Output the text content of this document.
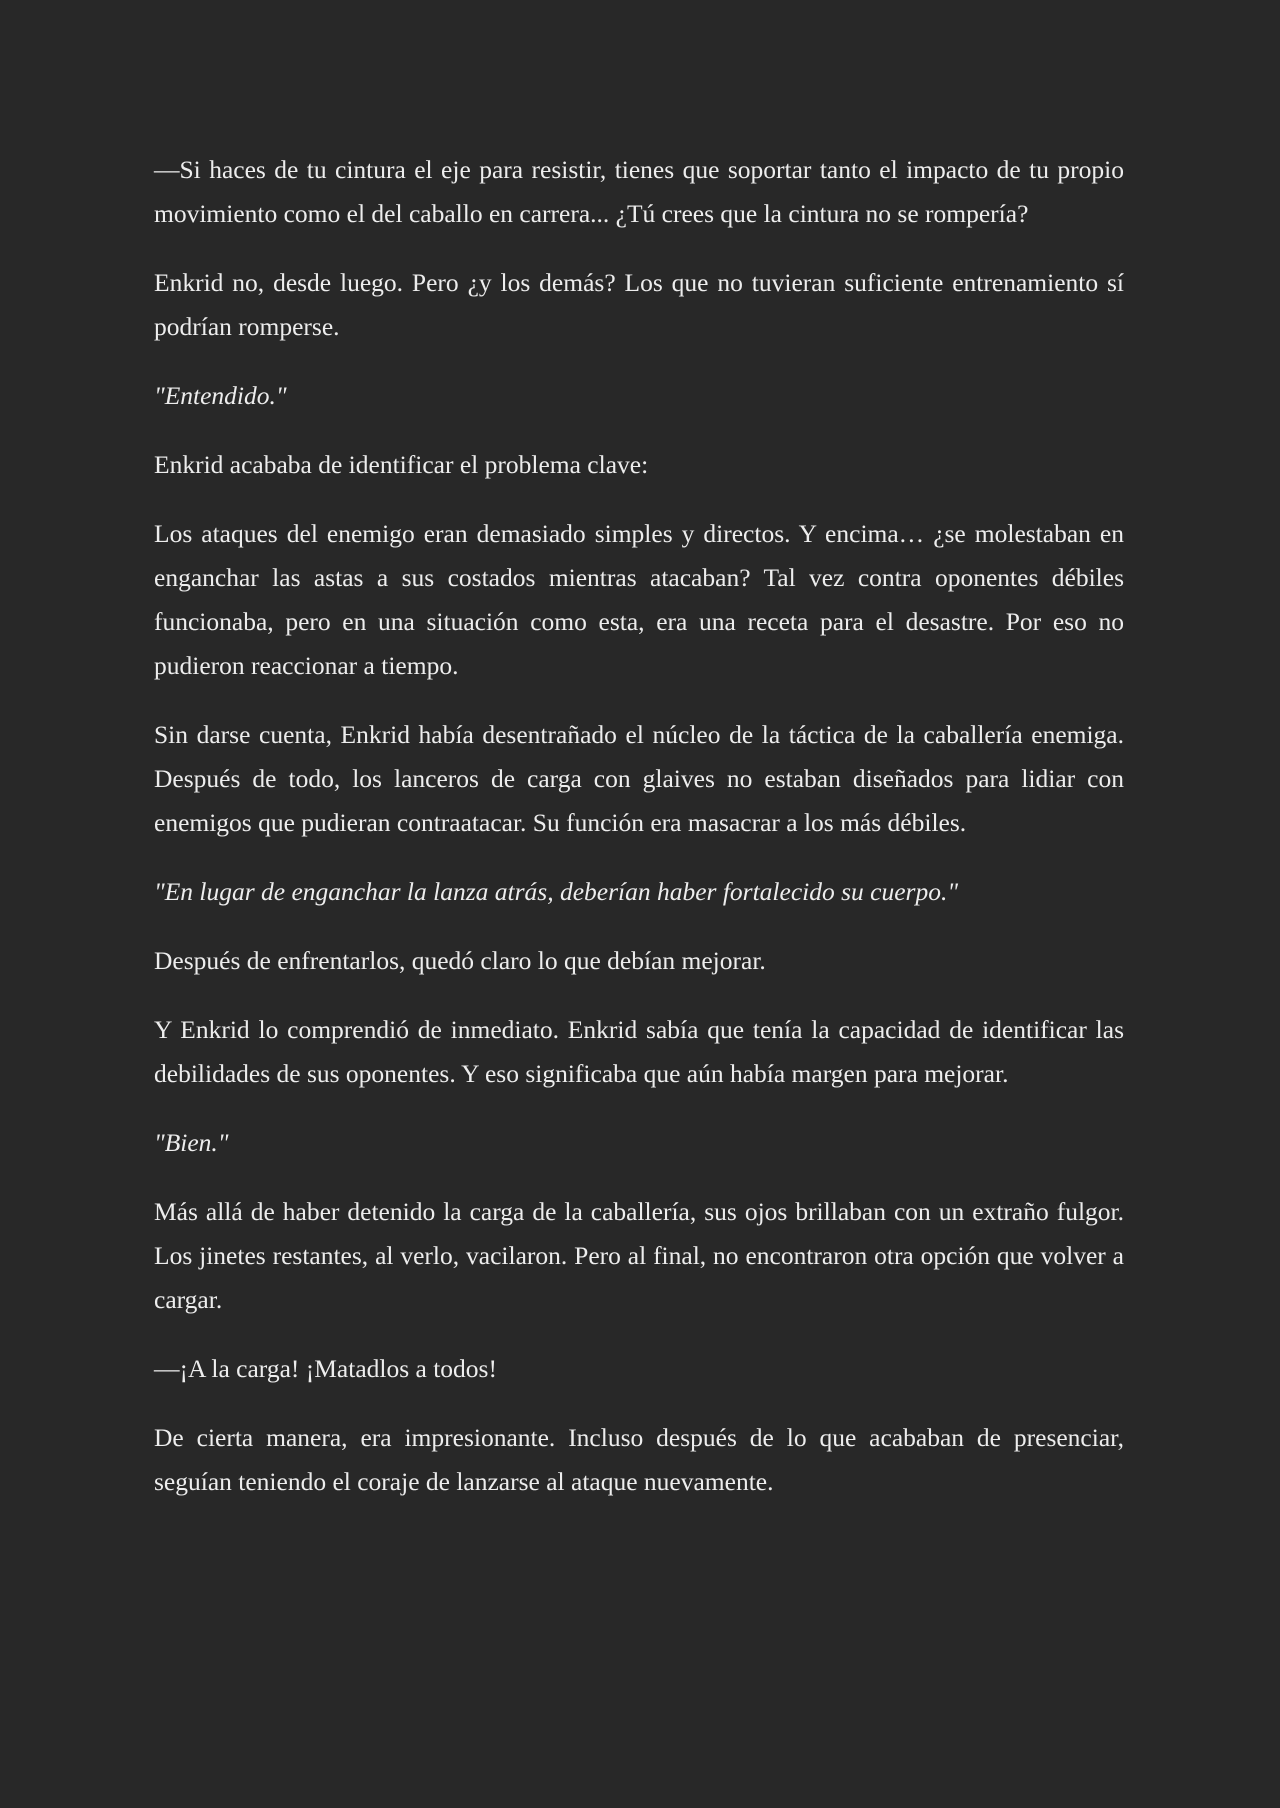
—Si haces de tu cintura el eje para resistir, tienes que soportar tanto el impacto de tu propio movimiento como el del caballo en carrera... ¿Tú crees que la cintura no se rompería?

Enkrid no, desde luego. Pero ¿y los demás? Los que no tuvieran suficiente entrenamiento sí podrían romperse.

"Entendido."

Enkrid acababa de identificar el problema clave:

Los ataques del enemigo eran demasiado simples y directos. Y encima… ¿se molestaban en enganchar las astas a sus costados mientras atacaban? Tal vez contra oponentes débiles funcionaba, pero en una situación como esta, era una receta para el desastre. Por eso no pudieron reaccionar a tiempo.

Sin darse cuenta, Enkrid había desentrañado el núcleo de la táctica de la caballería enemiga. Después de todo, los lanceros de carga con glaives no estaban diseñados para lidiar con enemigos que pudieran contraatacar. Su función era masacrar a los más débiles.

"En lugar de enganchar la lanza atrás, deberían haber fortalecido su cuerpo."

Después de enfrentarlos, quedó claro lo que debían mejorar.

Y Enkrid lo comprendió de inmediato. Enkrid sabía que tenía la capacidad de identificar las debilidades de sus oponentes. Y eso significaba que aún había margen para mejorar.

"Bien."

Más allá de haber detenido la carga de la caballería, sus ojos brillaban con un extraño fulgor. Los jinetes restantes, al verlo, vacilaron. Pero al final, no encontraron otra opción que volver a cargar.

—¡A la carga! ¡Matadlos a todos!

De cierta manera, era impresionante. Incluso después de lo que acababan de presenciar, seguían teniendo el coraje de lanzarse al ataque nuevamente.
